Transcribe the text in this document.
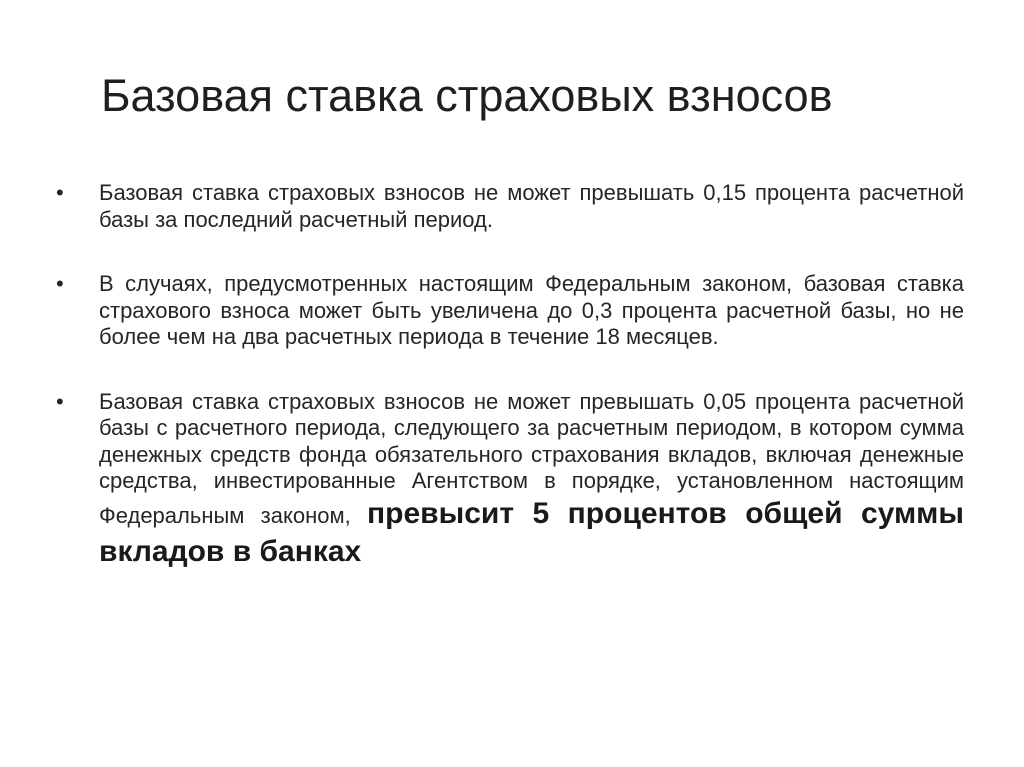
Базовая ставка страховых взносов
• Базовая ставка страховых взносов не может превышать 0,15 процента расчетной базы за последний расчетный период.
• В случаях, предусмотренных настоящим Федеральным законом, базовая ставка страхового взноса может быть увеличена до 0,3 процента расчетной базы, но не более чем на два расчетных периода в течение 18 месяцев.
• Базовая ставка страховых взносов не может превышать 0,05 процента расчетной базы с расчетного периода, следующего за расчетным периодом, в котором сумма денежных средств фонда обязательного страхования вкладов, включая денежные средства, инвестированные Агентством в порядке, установленном настоящим Федеральным законом, превысит 5 процентов общей суммы вкладов в банках
